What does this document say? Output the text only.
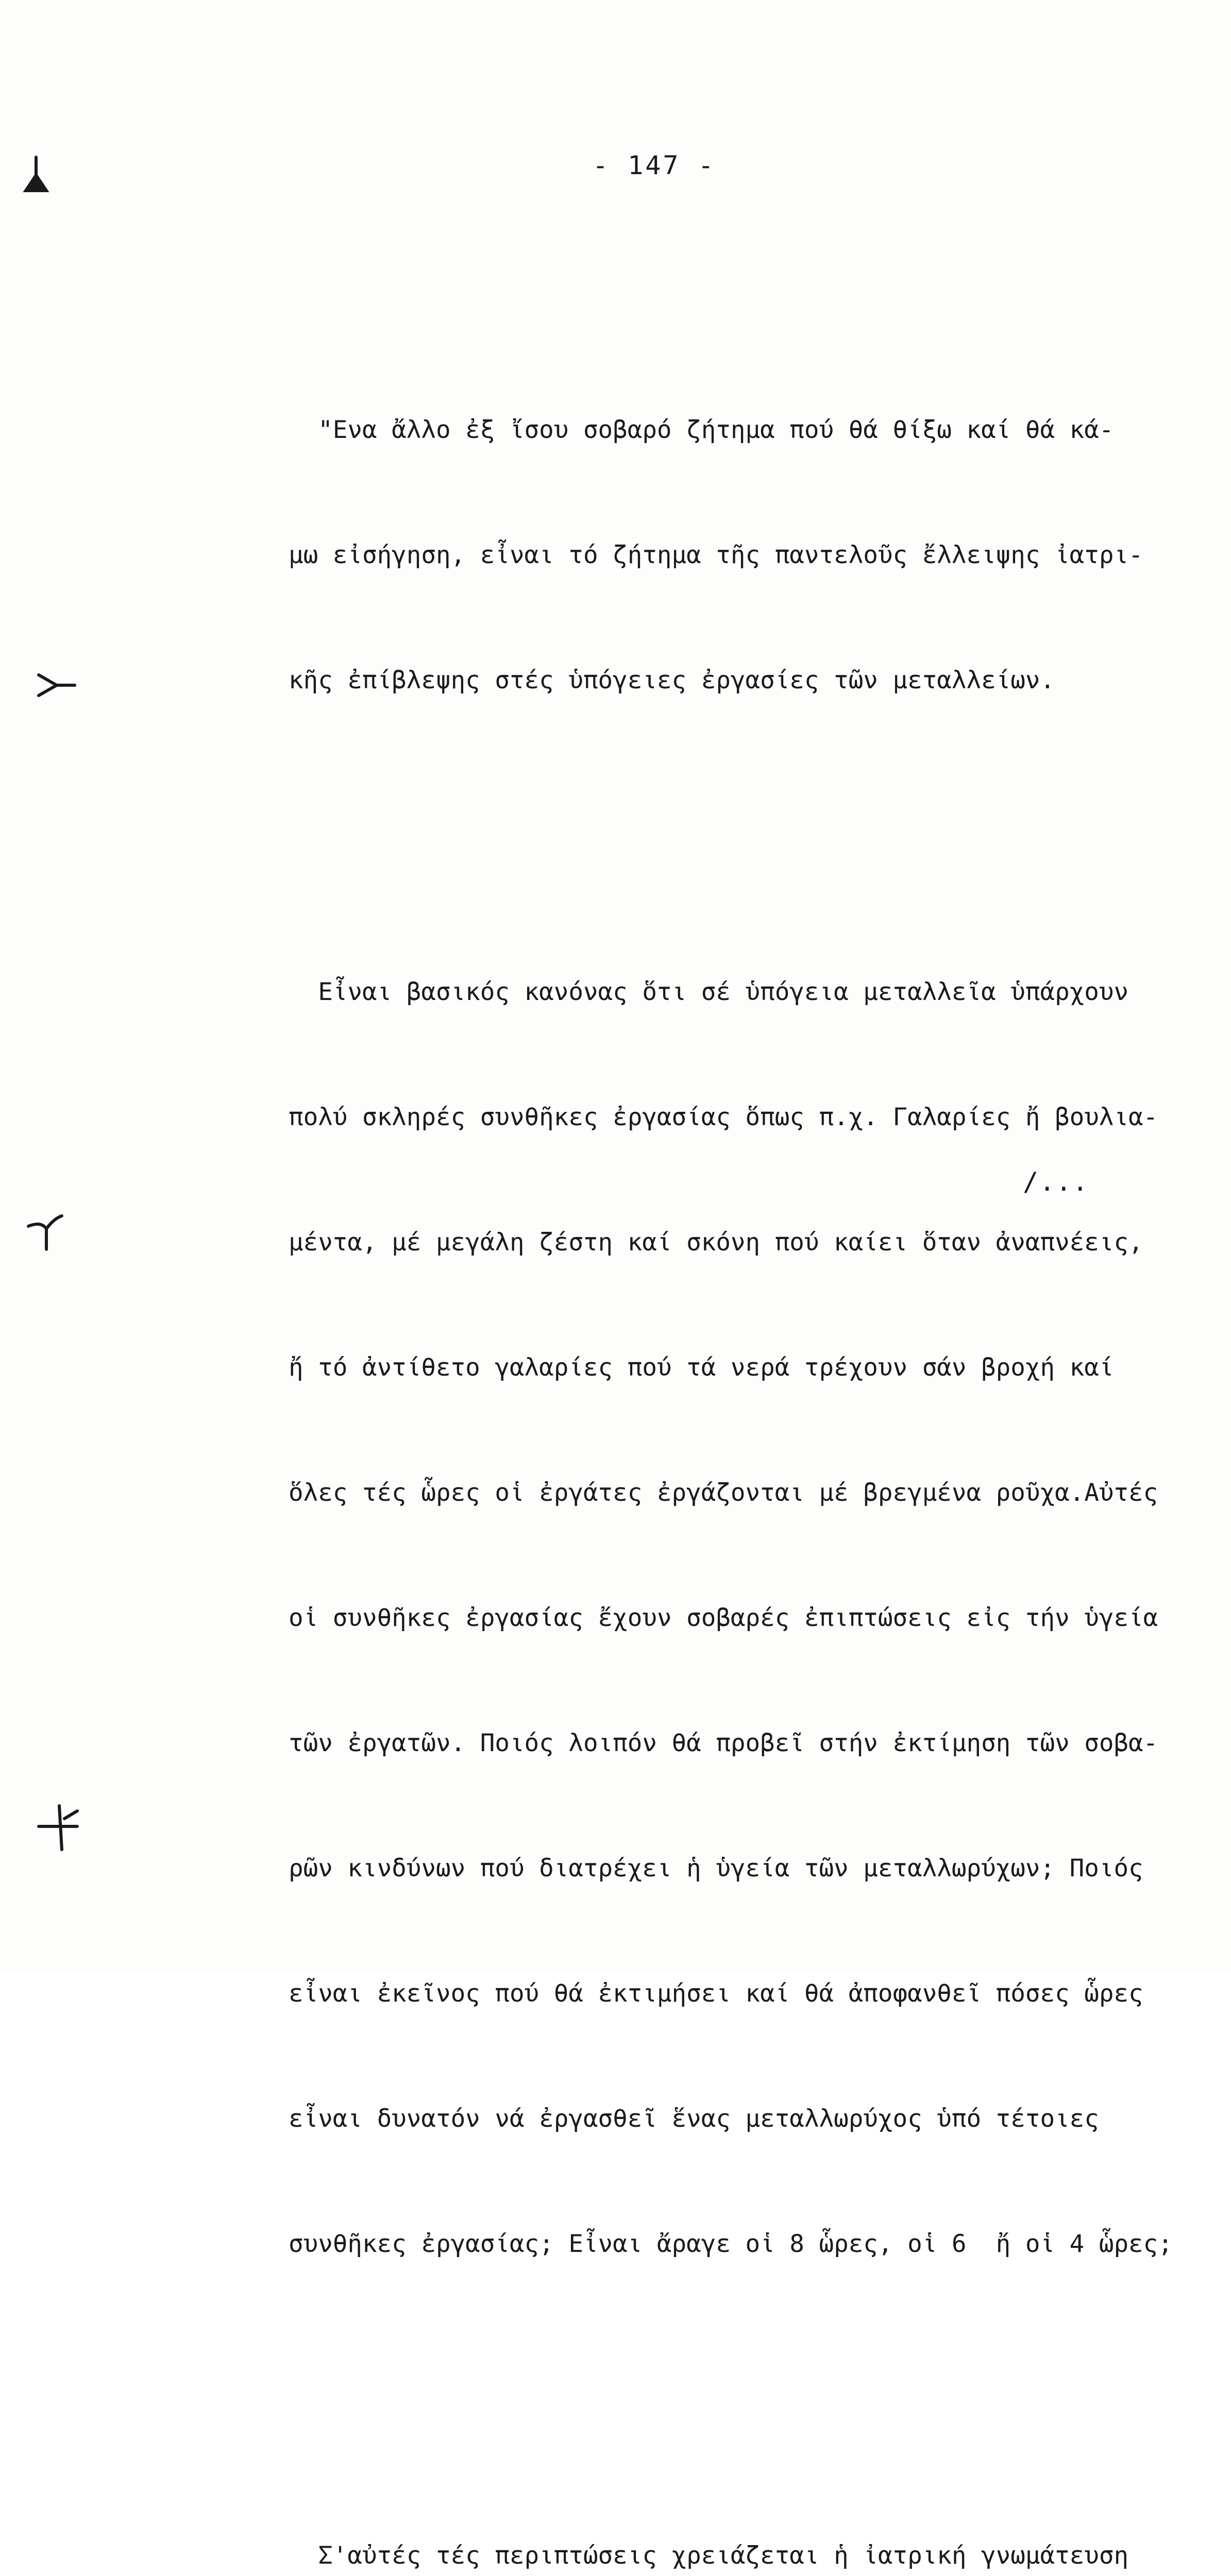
- 147 -

"Ενα ἄλλο ἐξ ἴσου σοβαρό ζήτημα πού θά θίξω καί θά κά-

μω εἰσήγηση, εἶναι τό ζήτημα τῆς παντελοῦς ἔλλειψης ἰατρι-

κῆς ἐπίβλεψης στές ὑπόγειες ἐργασίες τῶν μεταλλείων.

Εἶναι βασικός κανόνας ὅτι σέ ὑπόγεια μεταλλεῖα ὑπάρχουν

πολύ σκληρές συνθῆκες ἐργασίας ὅπως π.χ. Γαλαρίες ἤ βουλια-

μέντα, μέ μεγάλη ζέστη καί σκόνη πού καίει ὅταν ἀναπνέεις,

ἤ τό ἀντίθετο γαλαρίες πού τά νερά τρέχουν σάν βροχή καί

ὅλες τές ὧρες οἱ ἐργάτες ἐργάζονται μέ βρεγμένα ροῦχα.Αὐτές

οἱ συνθῆκες ἐργασίας ἔχουν σοβαρές ἐπιπτώσεις εἰς τήν ὑγεία

τῶν ἐργατῶν. Ποιός λοιπόν θά προβεῖ στήν ἐκτίμηση τῶν σοβα-

ρῶν κινδύνων πού διατρέχει ἡ ὑγεία τῶν μεταλλωρύχων; Ποιός

εἶναι ἐκεῖνος πού θά ἐκτιμήσει καί θά ἀποφανθεῖ πόσες ὧρες

εἶναι δυνατόν νά ἐργασθεῖ ἕνας μεταλλωρύχος ὑπό τέτοιες

συνθῆκες ἐργασίας; Εἶναι ἄραγε οἱ 8 ὧρες, οἱ 6  ἤ οἱ 4 ὧρες;

Σ'αὐτές τές περιπτώσεις χρειάζεται ἡ ἰατρική γνωμάτευση

/...
